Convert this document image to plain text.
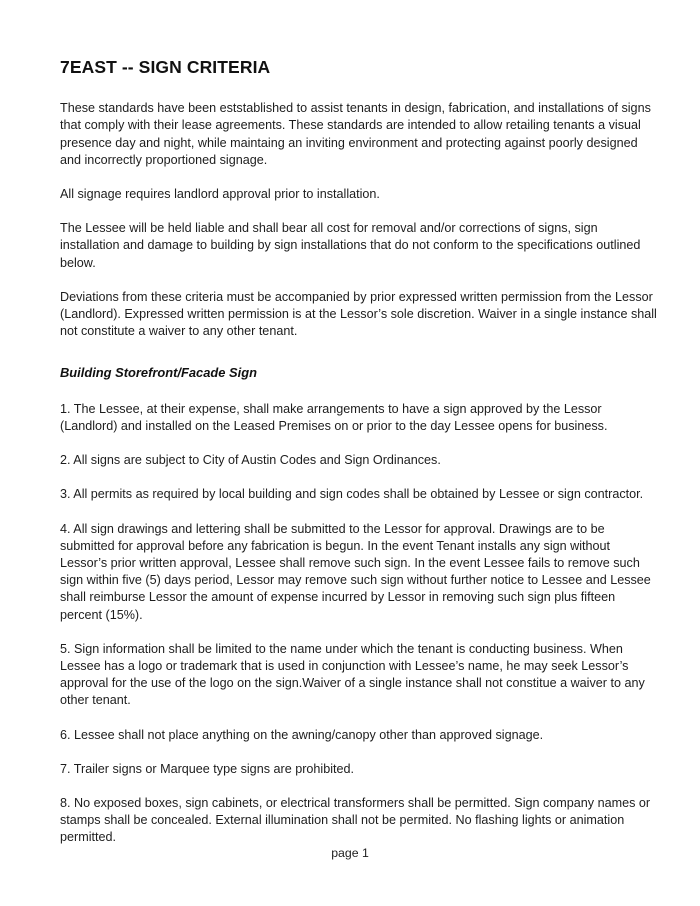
7EAST -- SIGN CRITERIA

These standards have been eststablished to assist tenants in design, fabrication, and installations of signs that comply with their lease agreements. These standards are intended to allow retailing tenants a visual presence day and night, while maintaing an inviting environment and protecting against poorly designed and incorrectly proportioned signage.

All signage requires landlord approval prior to installation.

The Lessee will be held liable and shall bear all cost for removal and/or corrections of signs, sign installation and damage to building by sign installations that do not conform to the specifications outlined below.

Deviations from these criteria must be accompanied by prior expressed written permission from the Lessor (Landlord). Expressed written permission is at the Lessor’s sole discretion. Waiver in a single instance shall not constitute a waiver to any other tenant.

Building Storefront/Facade Sign

1. The Lessee, at their expense, shall make arrangements to have a sign approved by the Lessor (Landlord) and installed on the Leased Premises on or prior to the day Lessee opens for business.

2. All signs are subject to City of Austin Codes and Sign Ordinances.

3. All permits as required by local building and sign codes shall be obtained by Lessee or sign contractor.

4. All sign drawings and lettering shall be submitted to the Lessor for approval. Drawings are to be submitted for approval before any fabrication is begun. In the event Tenant installs any sign without Lessor’s prior written approval, Lessee shall remove such sign. In the event Lessee fails to remove such sign within five (5) days period, Lessor may remove such sign without further notice to Lessee and Lessee shall reimburse Lessor the amount of expense incurred by Lessor in removing such sign plus fifteen percent (15%).

5. Sign information shall be limited to the name under which the tenant is conducting business. When Lessee has a logo or trademark that is used in conjunction with Lessee’s name, he may seek Lessor’s approval for the use of the logo on the sign.Waiver of a single instance shall not constitue a waiver to any other tenant.

6. Lessee shall not place anything on the awning/canopy other than approved signage.

7. Trailer signs or Marquee type signs are prohibited.

8. No exposed boxes, sign cabinets, or electrical transformers shall be permitted. Sign company names or stamps shall be concealed. External illumination shall not be permited. No flashing lights or animation permitted.

page 1
